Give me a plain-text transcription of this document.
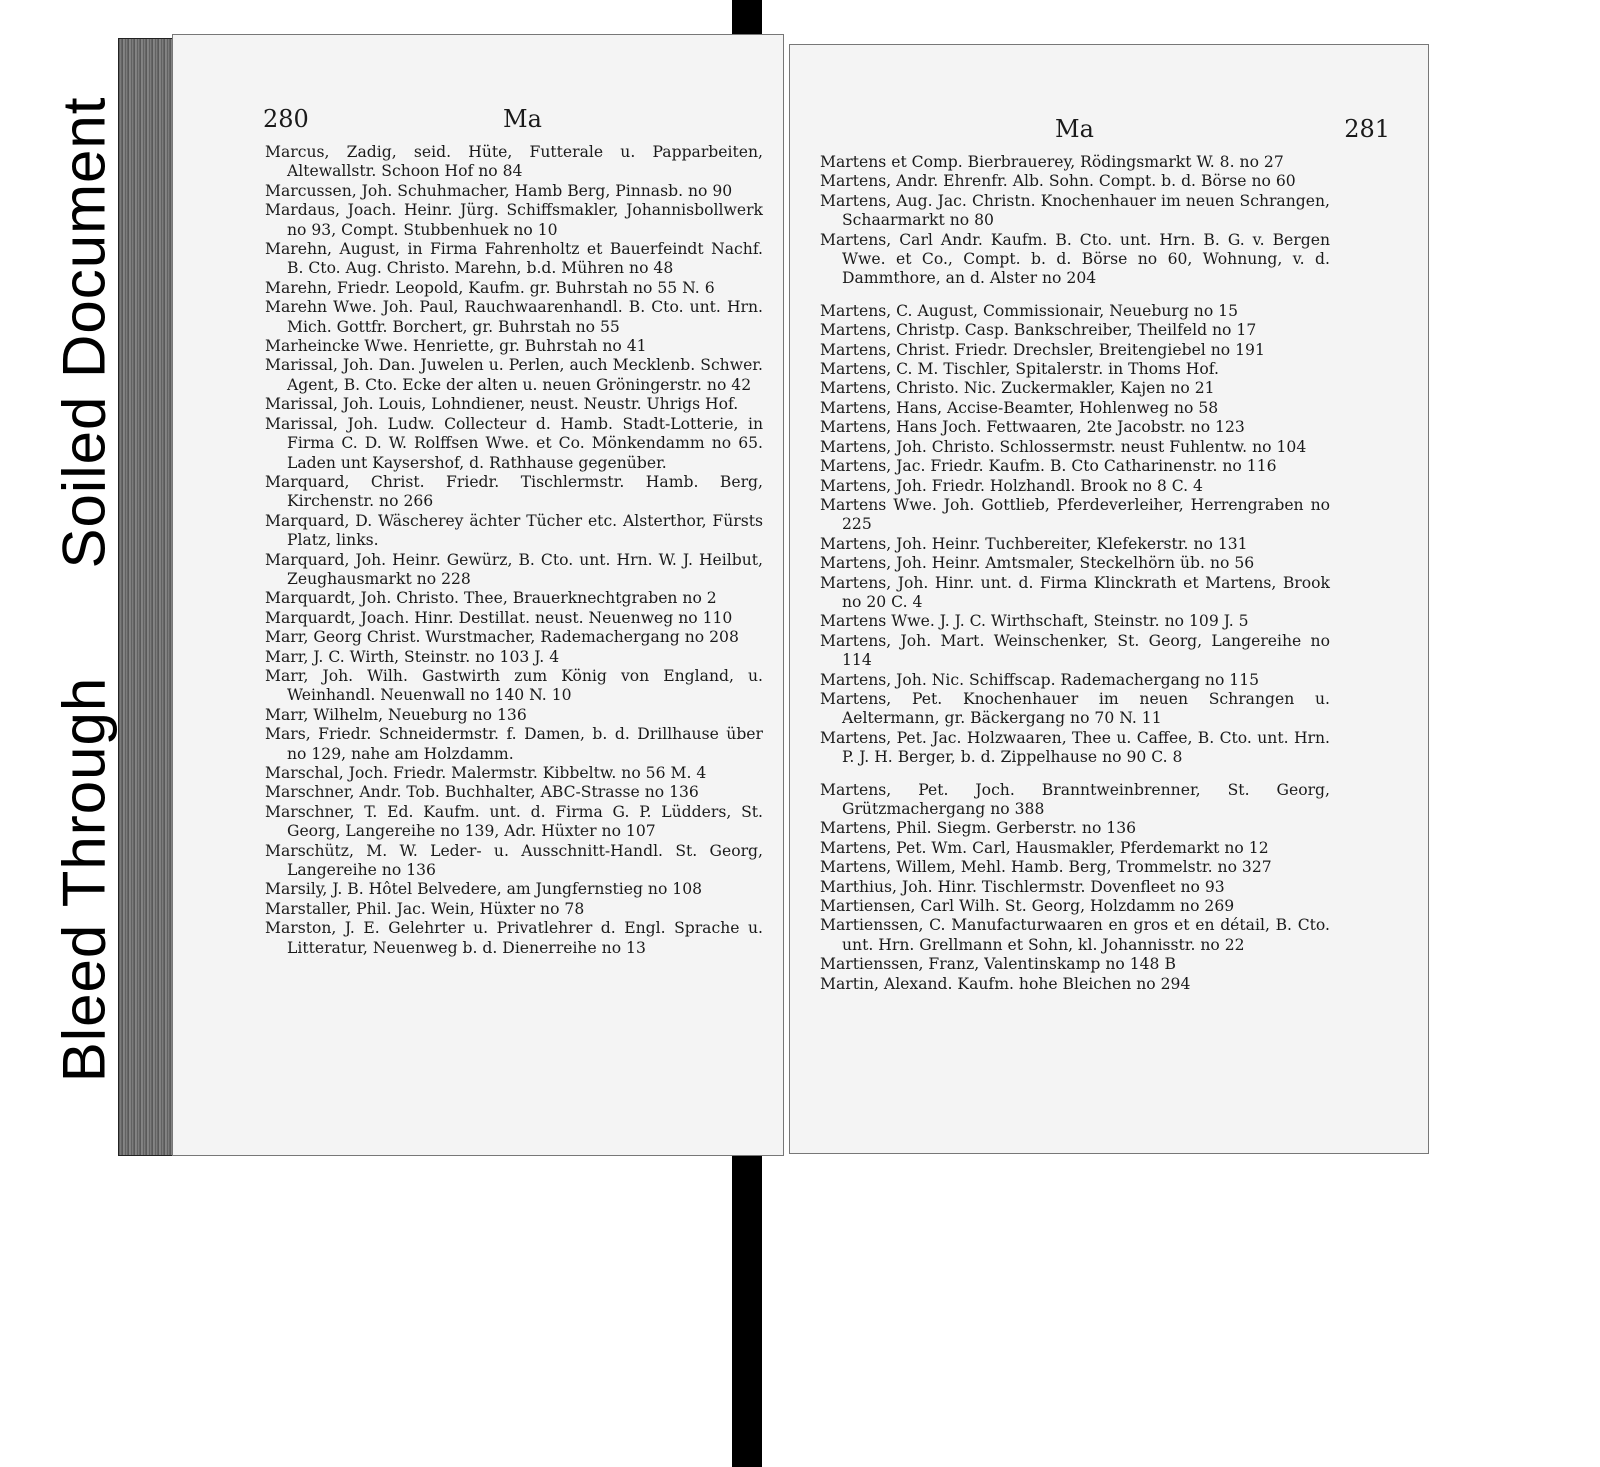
Soiled Document
Bleed Through
280	Ma
Marcus, Zadig, seid. Hüte, Futterale u. Papparbeiten, Altewallstr. Schoon Hof no 84
Marcussen, Joh. Schuhmacher, Hamb Berg, Pinnasb. no 90
Mardaus, Joach. Heinr. Jürg. Schiffsmakler, Johannisbollwerk no 93, Compt. Stubbenhuek no 10
Marehn, August, in Firma Fahrenholtz et Bauerfeindt Nachf. B. Cto. Aug. Christo. Marehn, b.d. Mühren no 48
Marehn, Friedr. Leopold, Kaufm. gr. Buhrstah no 55 N. 6
Marehn Wwe. Joh. Paul, Rauchwaarenhandl. B. Cto. unt. Hrn. Mich. Gottfr. Borchert, gr. Buhrstah no 55
Marheincke Wwe. Henriette, gr. Buhrstah no 41
Marissal, Joh. Dan. Juwelen u. Perlen, auch Mecklenb. Schwer. Agent, B. Cto. Ecke der alten u. neuen Gröningerstr. no 42
Marissal, Joh. Louis, Lohndiener, neust. Neustr. Uhrigs Hof.
Marissal, Joh. Ludw. Collecteur d. Hamb. Stadt-Lotterie, in Firma C. D. W. Rolffsen Wwe. et Co. Mönkendamm no 65. Laden unt Kaysershof, d. Rathhause gegenüber.
Marquard, Christ. Friedr. Tischlermstr. Hamb. Berg, Kirchenstr. no 266
Marquard, D. Wäscherey ächter Tücher etc. Alsterthor, Fürsts Platz, links.
Marquard, Joh. Heinr. Gewürz, B. Cto. unt. Hrn. W. J. Heilbut, Zeughausmarkt no 228
Marquardt, Joh. Christo. Thee, Brauerknechtgraben no 2
Marquardt, Joach. Hinr. Destillat. neust. Neuenweg no 110
Marr, Georg Christ. Wurstmacher, Rademachergang no 208
Marr, J. C. Wirth, Steinstr. no 103 J. 4
Marr, Joh. Wilh. Gastwirth zum König von England, u. Weinhandl. Neuenwall no 140 N. 10
Marr, Wilhelm, Neueburg no 136
Mars, Friedr. Schneidermstr. f. Damen, b. d. Drillhause über no 129, nahe am Holzdamm.
Marschal, Joch. Friedr. Malermstr. Kibbeltw. no 56 M. 4
Marschner, Andr. Tob. Buchhalter, ABC-Strasse no 136
Marschner, T. Ed. Kaufm. unt. d. Firma G. P. Lüdders, St. Georg, Langereihe no 139, Adr. Hüxter no 107
Marschütz, M. W. Leder- u. Ausschnitt-Handl. St. Georg, Langereihe no 136
Marsily, J. B. Hôtel Belvedere, am Jungfernstieg no 108
Marstaller, Phil. Jac. Wein, Hüxter no 78
Marston, J. E. Gelehrter u. Privatlehrer d. Engl. Sprache u. Litteratur, Neuenweg b. d. Dienerreihe no 13
Ma	281
Martens et Comp. Bierbrauerey, Rödingsmarkt W. 8. no 27
Martens, Andr. Ehrenfr. Alb. Sohn. Compt. b. d. Börse no 60
Martens, Aug. Jac. Christn. Knochenhauer im neuen Schrangen, Schaarmarkt no 80
Martens, Carl Andr. Kaufm. B. Cto. unt. Hrn. B. G. v. Bergen Wwe. et Co., Compt. b. d. Börse no 60, Wohnung, v. d. Dammthore, an d. Alster no 204
Martens, C. August, Commissionair, Neueburg no 15
Martens, Christp. Casp. Bankschreiber, Theilfeld no 17
Martens, Christ. Friedr. Drechsler, Breitengiebel no 191
Martens, C. M. Tischler, Spitalerstr. in Thoms Hof.
Martens, Christo. Nic. Zuckermakler, Kajen no 21
Martens, Hans, Accise-Beamter, Hohlenweg no 58
Martens, Hans Joch. Fettwaaren, 2te Jacobstr. no 123
Martens, Joh. Christo. Schlossermstr. neust Fuhlentw. no 104
Martens, Jac. Friedr. Kaufm. B. Cto Catharinenstr. no 116
Martens, Joh. Friedr. Holzhandl. Brook no 8 C. 4
Martens Wwe. Joh. Gottlieb, Pferdeverleiher, Herrengraben no 225
Martens, Joh. Heinr. Tuchbereiter, Klefekerstr. no 131
Martens, Joh. Heinr. Amtsmaler, Steckelhörn üb. no 56
Martens, Joh. Hinr. unt. d. Firma Klinckrath et Martens, Brook no 20 C. 4
Martens Wwe. J. J. C. Wirthschaft, Steinstr. no 109 J. 5
Martens, Joh. Mart. Weinschenker, St. Georg, Langereihe no 114
Martens, Joh. Nic. Schiffscap. Rademachergang no 115
Martens, Pet. Knochenhauer im neuen Schrangen u. Aeltermann, gr. Bäckergang no 70 N. 11
Martens, Pet. Jac. Holzwaaren, Thee u. Caffee, B. Cto. unt. Hrn. P. J. H. Berger, b. d. Zippelhause no 90 C. 8
Martens, Pet. Joch. Branntweinbrenner, St. Georg, Grützmachergang no 388
Martens, Phil. Siegm. Gerberstr. no 136
Martens, Pet. Wm. Carl, Hausmakler, Pferdemarkt no 12
Martens, Willem, Mehl. Hamb. Berg, Trommelstr. no 327
Marthius, Joh. Hinr. Tischlermstr. Dovenfleet no 93
Martiensen, Carl Wilh. St. Georg, Holzdamm no 269
Martienssen, C. Manufacturwaaren en gros et en détail, B. Cto. unt. Hrn. Grellmann et Sohn, kl. Johannisstr. no 22
Martienssen, Franz, Valentinskamp no 148 B
Martin, Alexand. Kaufm. hohe Bleichen no 294
